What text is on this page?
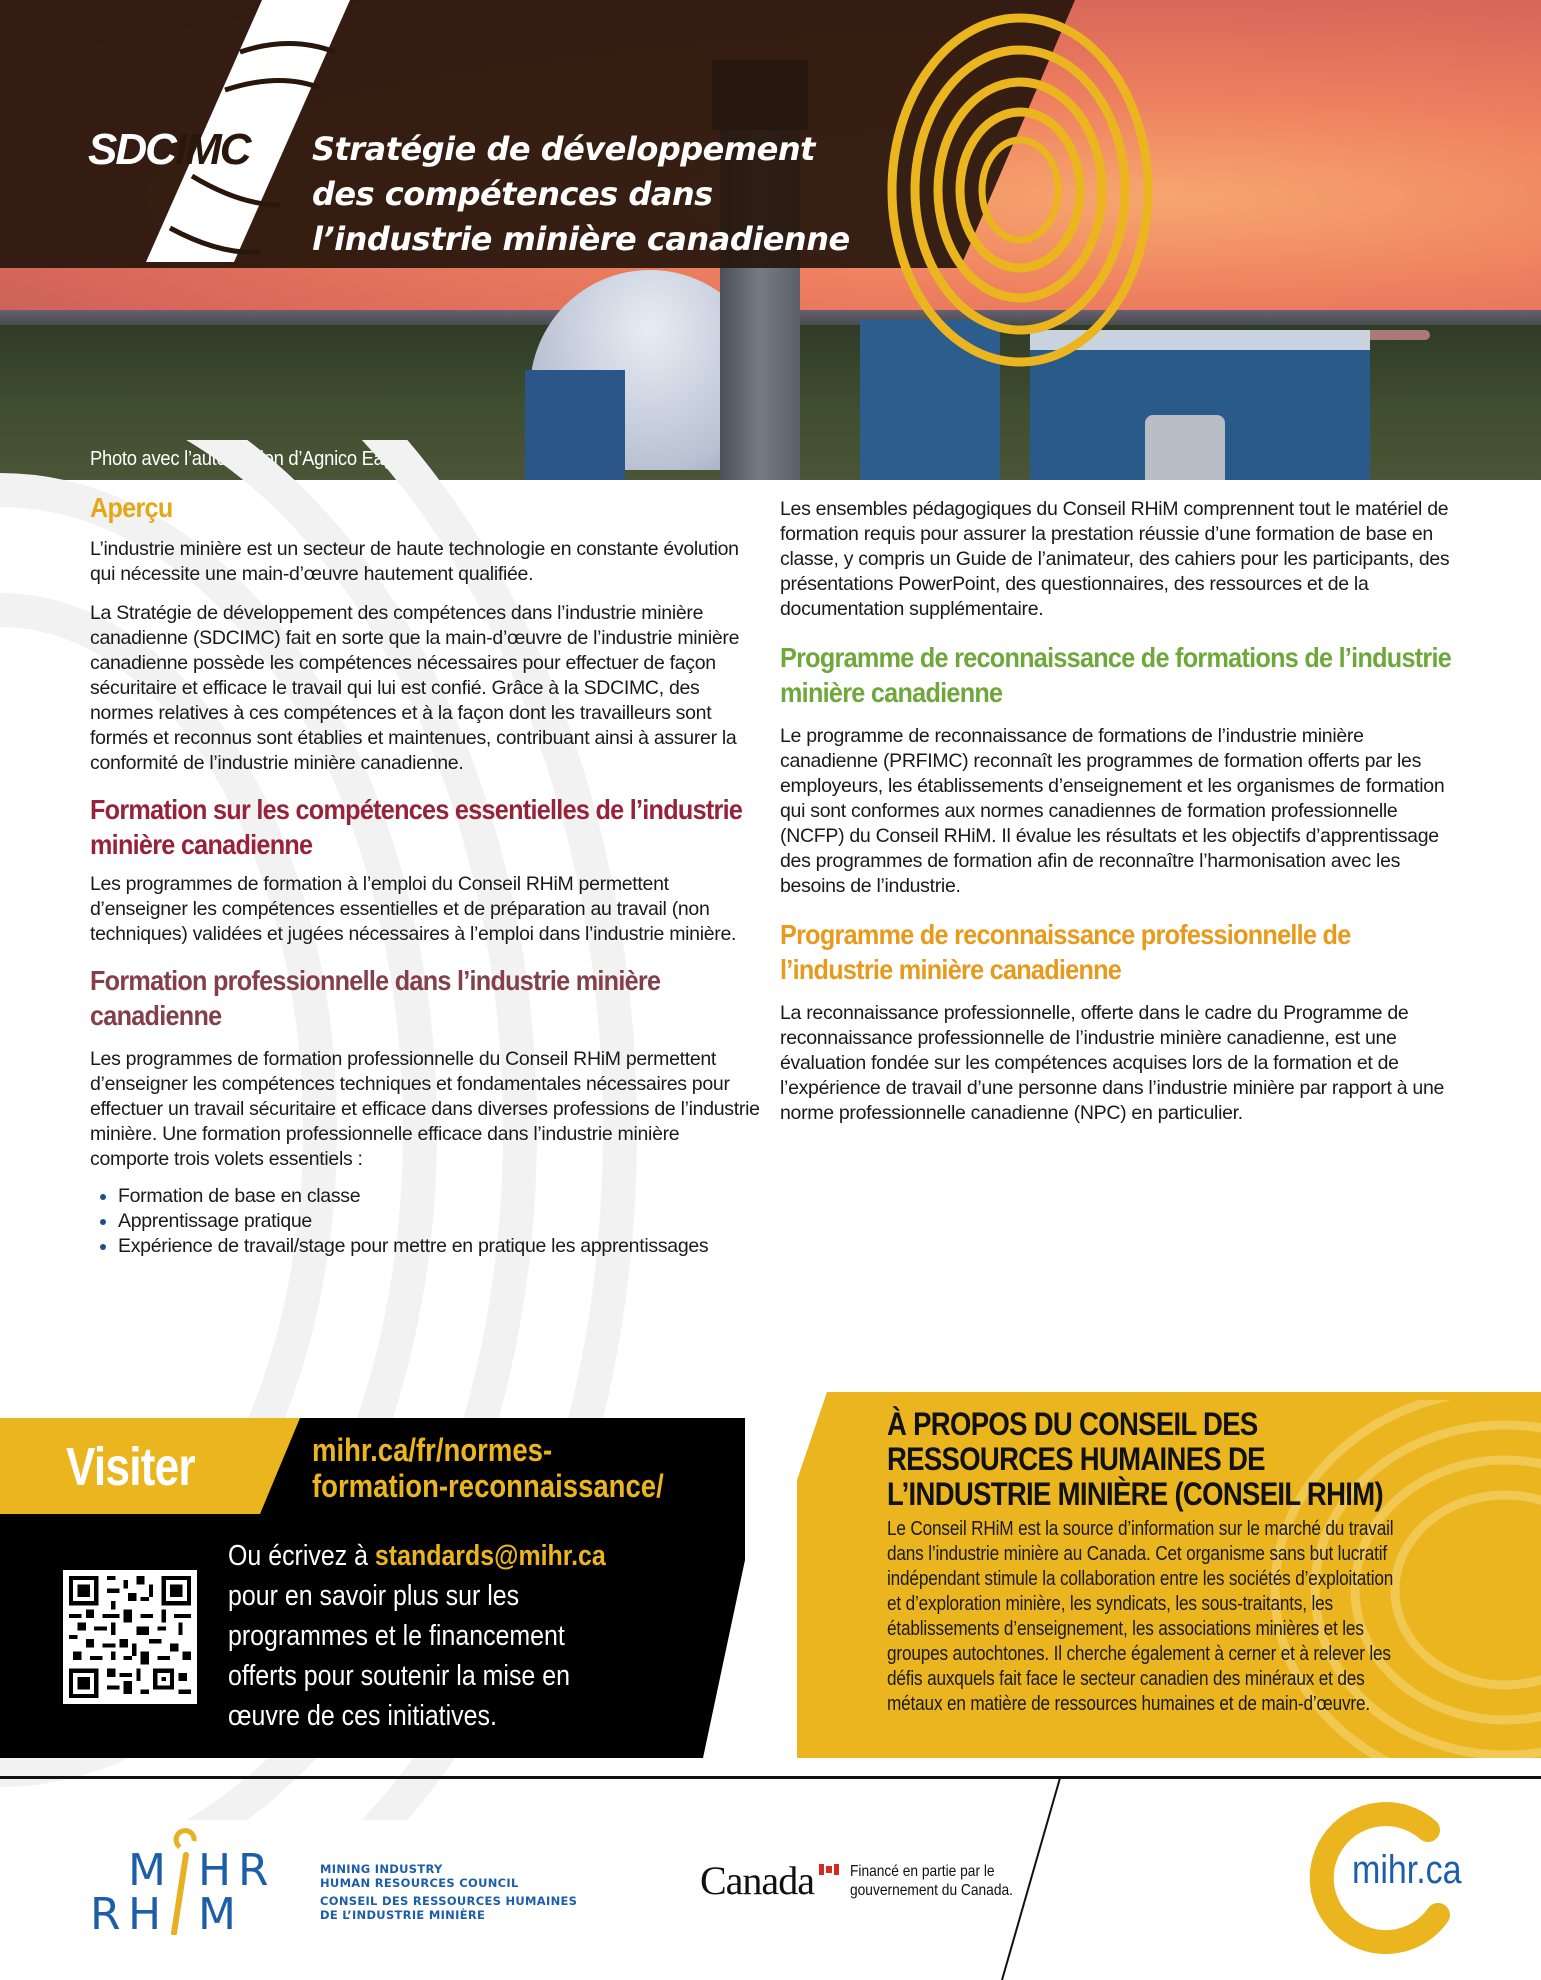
SDCIMC Stratégie de développement
des compétences dans
l’industrie minière canadienne
Photo avec l’autorisation d’Agnico Eagle.
Aperçu

L’industrie minière est un secteur de haute technologie en constante évolution qui nécessite une main-d’œuvre hautement qualifiée.

La Stratégie de développement des compétences dans l’industrie minière canadienne (SDCIMC) fait en sorte que la main-d’œuvre de l’industrie minière canadienne possède les compétences nécessaires pour effectuer de façon sécuritaire et efficace le travail qui lui est confié. Grâce à la SDCIMC, des normes relatives à ces compétences et à la façon dont les travailleurs sont formés et reconnus sont établies et maintenues, contribuant ainsi à assurer la conformité de l’industrie minière canadienne.

Formation sur les compétences essentielles de l’industrie minière canadienne

Les programmes de formation à l’emploi du Conseil RHiM permettent d’enseigner les compétences essentielles et de préparation au travail (non techniques) validées et jugées nécessaires à l’emploi dans l’industrie minière.

Formation professionnelle dans l’industrie minière canadienne

Les programmes de formation professionnelle du Conseil RHiM permettent d’enseigner les compétences techniques et fondamentales nécessaires pour effectuer un travail sécuritaire et efficace dans diverses professions de l’industrie minière. Une formation professionnelle efficace dans l’industrie minière comporte trois volets essentiels :

Formation de base en classe
Apprentissage pratique
Expérience de travail/stage pour mettre en pratique les apprentissages

Les ensembles pédagogiques du Conseil RHiM comprennent tout le matériel de formation requis pour assurer la prestation réussie d’une formation de base en classe, y compris un Guide de l’animateur, des cahiers pour les participants, des présentations PowerPoint, des questionnaires, des ressources et de la documentation supplémentaire.

Programme de reconnaissance de formations de l’industrie minière canadienne

Le programme de reconnaissance de formations de l’industrie minière canadienne (PRFIMC) reconnaît les programmes de formation offerts par les employeurs, les établissements d’enseignement et les organismes de formation qui sont conformes aux normes canadiennes de formation professionnelle (NCFP) du Conseil RHiM. Il évalue les résultats et les objectifs d’apprentissage des programmes de formation afin de reconnaître l’harmonisation avec les besoins de l’industrie.

Programme de reconnaissance professionnelle de l’industrie minière canadienne

La reconnaissance professionnelle, offerte dans le cadre du Programme de reconnaissance professionnelle de l’industrie minière canadienne, est une évaluation fondée sur les compétences acquises lors de la formation et de l’expérience de travail d’une personne dans l’industrie minière par rapport à une norme professionnelle canadienne (NPC) en particulier.

Visiter	mihr.ca/fr/normes-
formation-reconnaissance/
Ou écrivez à standards@mihr.ca
pour en savoir plus sur les programmes et le financement offerts pour soutenir la mise en œuvre de ces initiatives.
À PROPOS DU CONSEIL DES RESSOURCES HUMAINES DE L’INDUSTRIE MINIÈRE (CONSEIL RHIM)

Le Conseil RHiM est la source d’information sur le marché du travail dans l’industrie minière au Canada. Cet organisme sans but lucratif indépendant stimule la collaboration entre les sociétés d’exploitation et d’exploration minière, les syndicats, les sous-traitants, les établissements d’enseignement, les associations minières et les groupes autochtones. Il cherche également à cerner et à relever les défis auxquels fait face le secteur canadien des minéraux et des métaux en matière de ressources humaines et de main-d’œuvre.

M H R
R H M
MINING INDUSTRY
HUMAN RESOURCES COUNCIL
CONSEIL DES RESSOURCES HUMAINES
DE L’INDUSTRIE MINIÈRE
Canada Financé en partie par le
gouvernement du Canada.	mihr.ca
